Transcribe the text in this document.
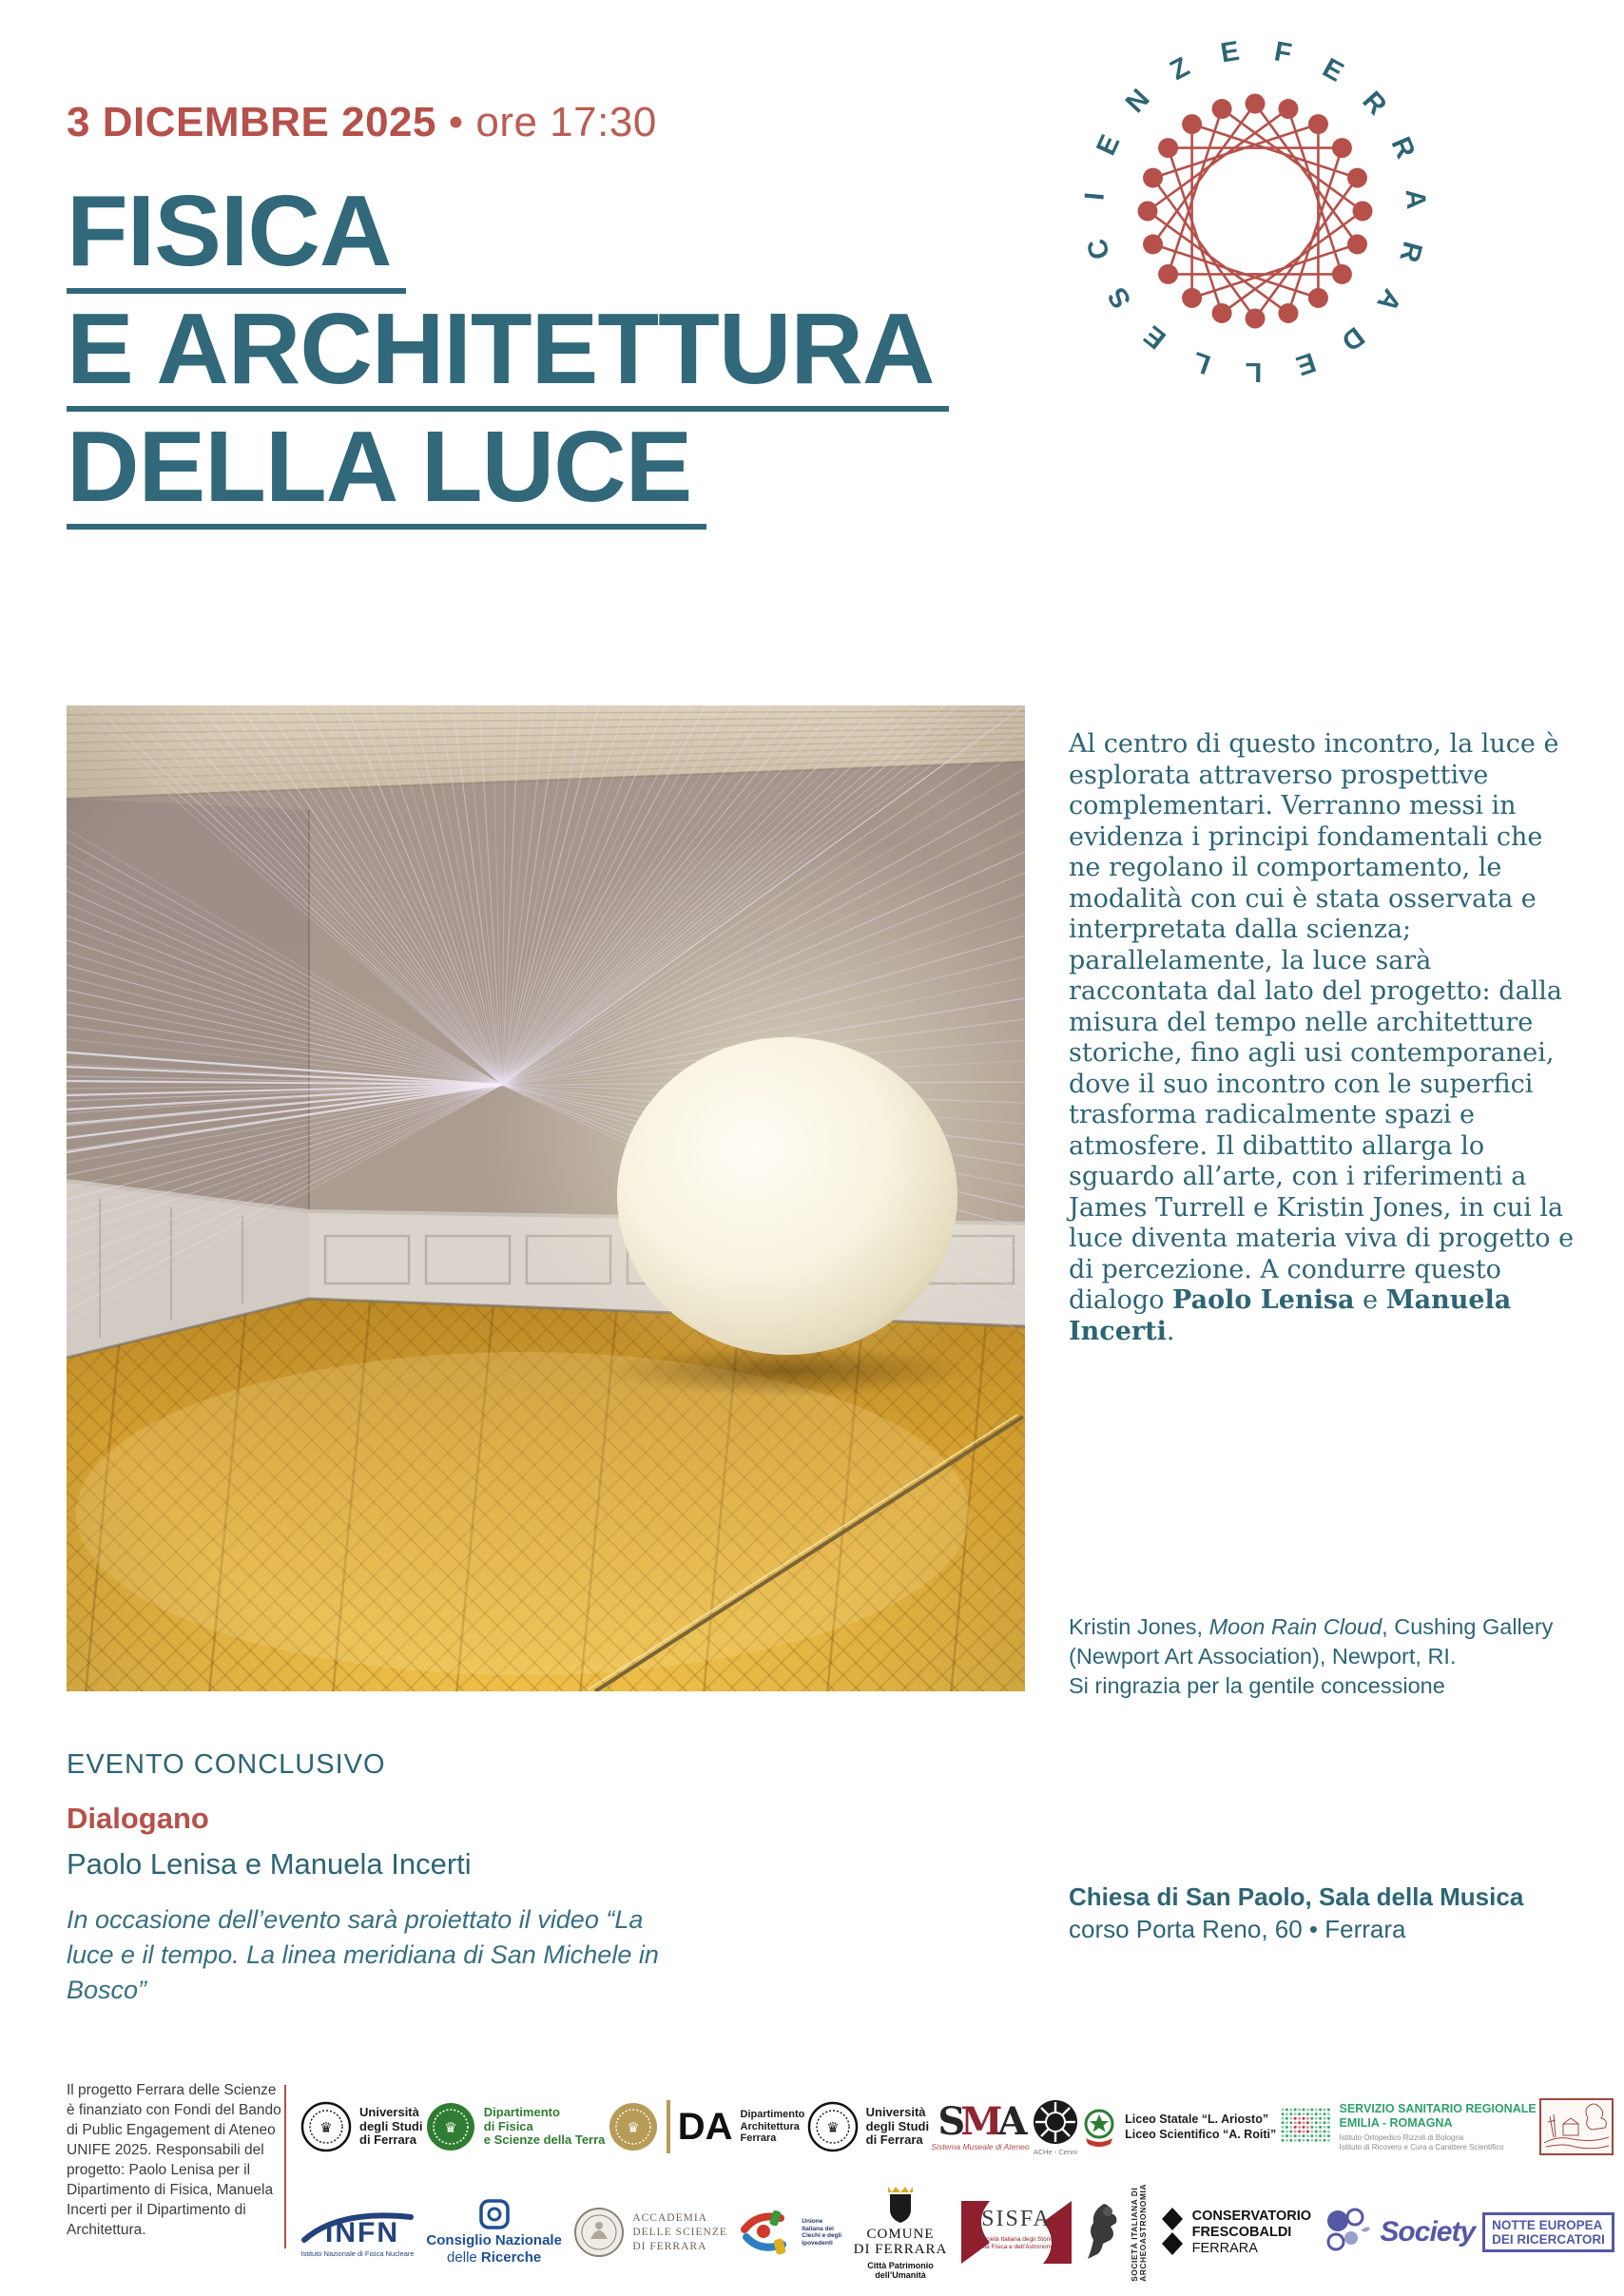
3 DICEMBRE 2025 • ore 17:30
FISICA
E ARCHITETTURA
DELLA LUCE
F E
R
R
A
R
A
D
E
L
L
E
S
C
I
E
N
Z E

Al centro di questo incontro, la luce è esplorata attraverso prospettive complementari. Verranno messi in evidenza i principi fondamentali che ne regolano il comportamento, le modalità con cui è stata osservata e interpretata dalla scienza; parallelamente, la luce sarà raccontata dal lato del progetto: dalla misura del tempo nelle architetture storiche, fino agli usi contemporanei, dove il suo incontro con le superfici trasforma radicalmente spazi e atmosfere. Il dibattito allarga lo sguardo all’arte, con i riferimenti a James Turrell e Kristin Jones, in cui la luce diventa materia viva di progetto e di percezione. A condurre questo dialogo Paolo Lenisa e Manuela Incerti.

Kristin Jones, Moon Rain Cloud, Cushing Gallery (Newport Art Association), Newport, RI.
Si ringrazia per la gentile concessione
EVENTO CONCLUSIVO
Dialogano
Paolo Lenisa e Manuela Incerti
In occasione dell’evento sarà proiettato il video “La luce e il tempo. La linea meridiana di San Michele in Bosco”
Chiesa di San Paolo, Sala della Musica
corso Porta Reno, 60 • Ferrara
Il progetto Ferrara delle Scienze è finanziato con Fondi del Bando di Public Engagement di Ateneo UNIFE 2025. Responsabili del progetto: Paolo Lenisa per il Dipartimento di Fisica, Manuela Incerti per il Dipartimento di Architettura.
♛
Università
degli Studi
di Ferrara
♛
Dipartimento
di Fisica
e Scienze della Terra
♛ DA Dipartimento
Architettura
Ferrara
♛
Università
degli Studi
di Ferrara SMA
Sistema Museale di Ateneo
ACHe - Cenni
Liceo Statale “L. Ariosto”
Liceo Scientifico “A. Roiti”
SERVIZIO SANITARIO REGIONALE
EMILIA - ROMAGNA
Istituto Ortopedico Rizzoli di Bologna
Istituto di Ricovero e Cura a Carattere Scientifico
INFN
Istituto Nazionale di Fisica Nucleare
Consiglio Nazionale
delle Ricerche
ACCADEMIA
DELLE SCIENZE
DI FERRARA
Unione
Italiana dei
Ciechi e degli
Ipovedenti
COMUNE
DI FERRARA
Città Patrimonio
dell’Umanità
SISFA
Società Italiana degli Storici
della Fisica e dell’Astronomia	SOCIETÀ ITALIANA DI
ARCHEOASTRONOMIA	CONSERVATORIO
FRESCOBALDI
FERRARA
Society NOTTE EUROPEA
DEI RICERCATORI
